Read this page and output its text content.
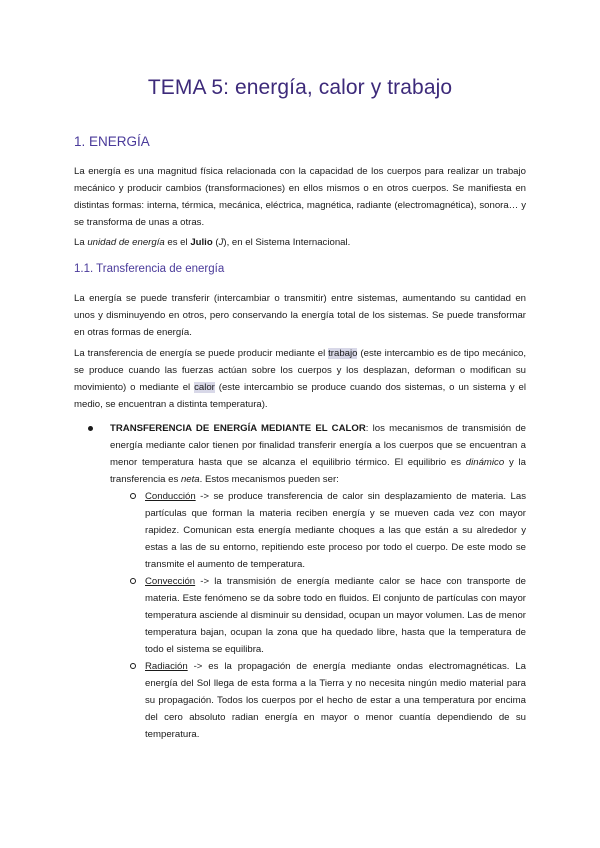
TEMA 5: energía, calor y trabajo
1. ENERGÍA

La energía es una magnitud física relacionada con la capacidad de los cuerpos para realizar un trabajo mecánico y producir cambios (transformaciones) en ellos mismos o en otros cuerpos. Se manifiesta en distintas formas: interna, térmica, mecánica, eléctrica, magnética, radiante (electromagnética), sonora… y se transforma de unas a otras.

La unidad de energía es el Julio (J), en el Sistema Internacional.

1.1. Transferencia de energía

La energía se puede transferir (intercambiar o transmitir) entre sistemas, aumentando su cantidad en unos y disminuyendo en otros, pero conservando la energía total de los sistemas. Se puede transformar en otras formas de energía.

La transferencia de energía se puede producir mediante el trabajo (este intercambio es de tipo mecánico, se produce cuando las fuerzas actúan sobre los cuerpos y los desplazan, deforman o modifican su movimiento) o mediante el calor (este intercambio se produce cuando dos sistemas, o un sistema y el medio, se encuentran a distinta temperatura).

TRANSFERENCIA DE ENERGÍA MEDIANTE EL CALOR: los mecanismos de transmisión de energía mediante calor tienen por finalidad transferir energía a los cuerpos que se encuentran a menor temperatura hasta que se alcanza el equilibrio térmico. El equilibrio es dinámico y la transferencia es neta. Estos mecanismos pueden ser:
Conducción -> se produce transferencia de calor sin desplazamiento de materia. Las partículas que forman la materia reciben energía y se mueven cada vez con mayor rapidez. Comunican esta energía mediante choques a las que están a su alrededor y estas a las de su entorno, repitiendo este proceso por todo el cuerpo. De este modo se transmite el aumento de temperatura.
Convección -> la transmisión de energía mediante calor se hace con transporte de materia. Este fenómeno se da sobre todo en fluidos. El conjunto de partículas con mayor temperatura asciende al disminuir su densidad, ocupan un mayor volumen. Las de menor temperatura bajan, ocupan la zona que ha quedado libre, hasta que la temperatura de todo el sistema se equilibra.
Radiación -> es la propagación de energía mediante ondas electromagnéticas. La energía del Sol llega de esta forma a la Tierra y no necesita ningún medio material para su propagación. Todos los cuerpos por el hecho de estar a una temperatura por encima del cero absoluto radian energía en mayor o menor cuantía dependiendo de su temperatura.
